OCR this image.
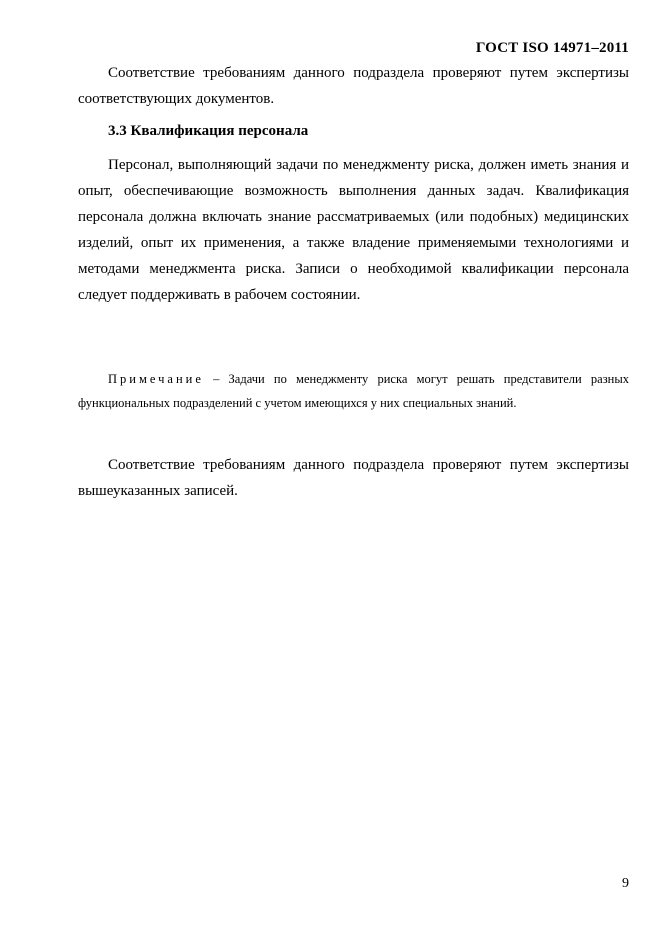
ГОСТ ISO 14971–2011

Соответствие требованиям данного подраздела проверяют путем экспертизы соответствующих документов.

3.3 Квалификация персонала

Персонал, выполняющий задачи по менеджменту риска, должен иметь знания и опыт, обеспечивающие возможность выполнения данных задач. Квалификация персонала должна включать знание рассматриваемых (или подобных) медицинских изделий, опыт их применения, а также владение применяемыми технологиями и методами менеджмента риска. Записи о необходимой квалификации персонала следует поддерживать в рабочем состоянии.

Примечание – Задачи по менеджменту риска могут решать представители разных функциональных подразделений с учетом имеющихся у них специальных знаний.

Соответствие требованиям данного подраздела проверяют путем экспертизы вышеуказанных записей.

9
